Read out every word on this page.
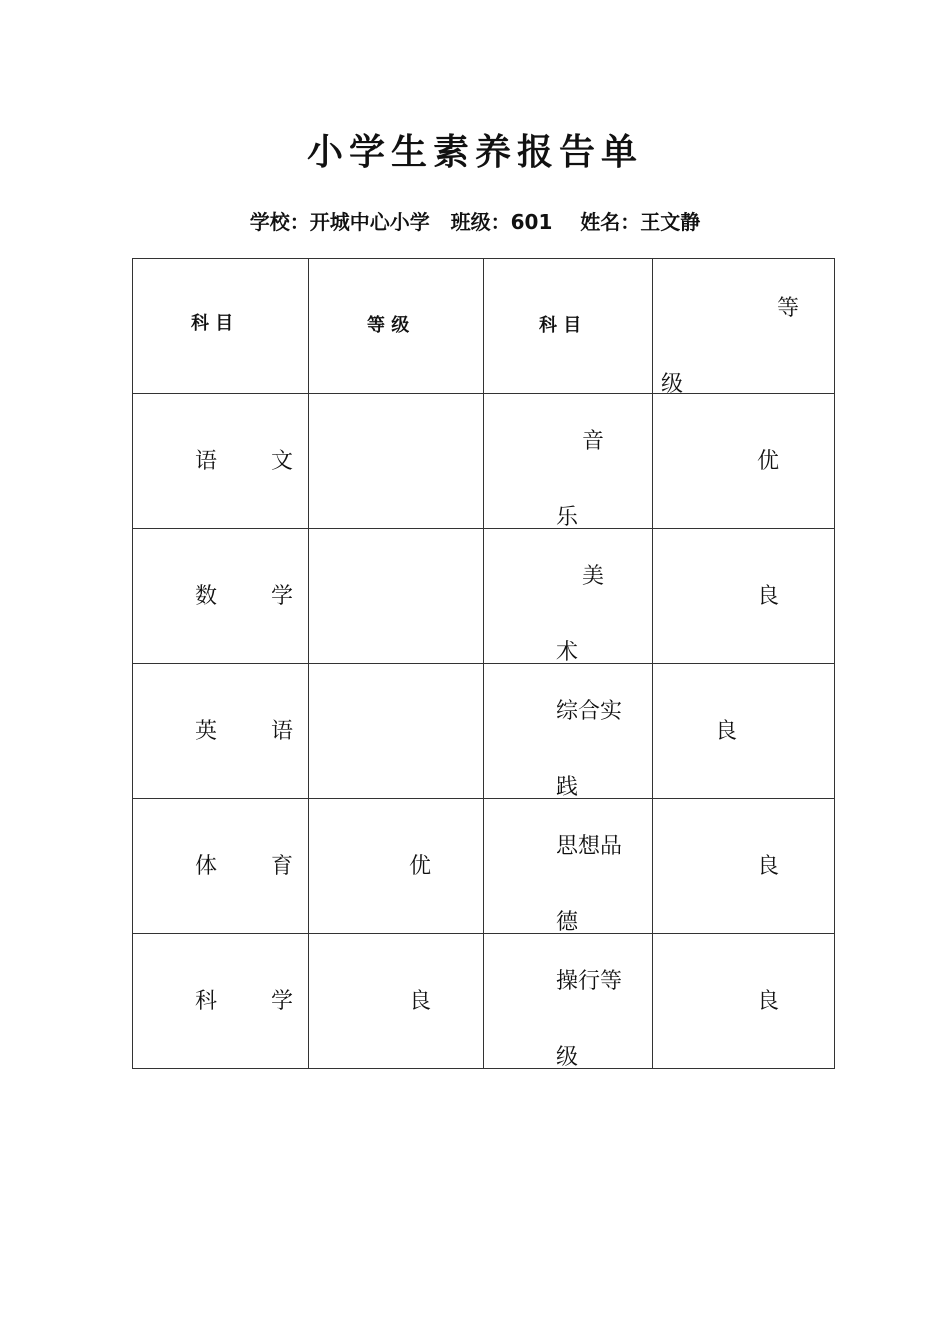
小学生素养报告单
学校：开城中心小学 班级：601 姓名：王文静
科 目	等 级	科 目	等级

语文		音乐	优

数学		美术	良

英语		综合实践	良

体育	优	思想品德	良

科学	良	操行等级	良
